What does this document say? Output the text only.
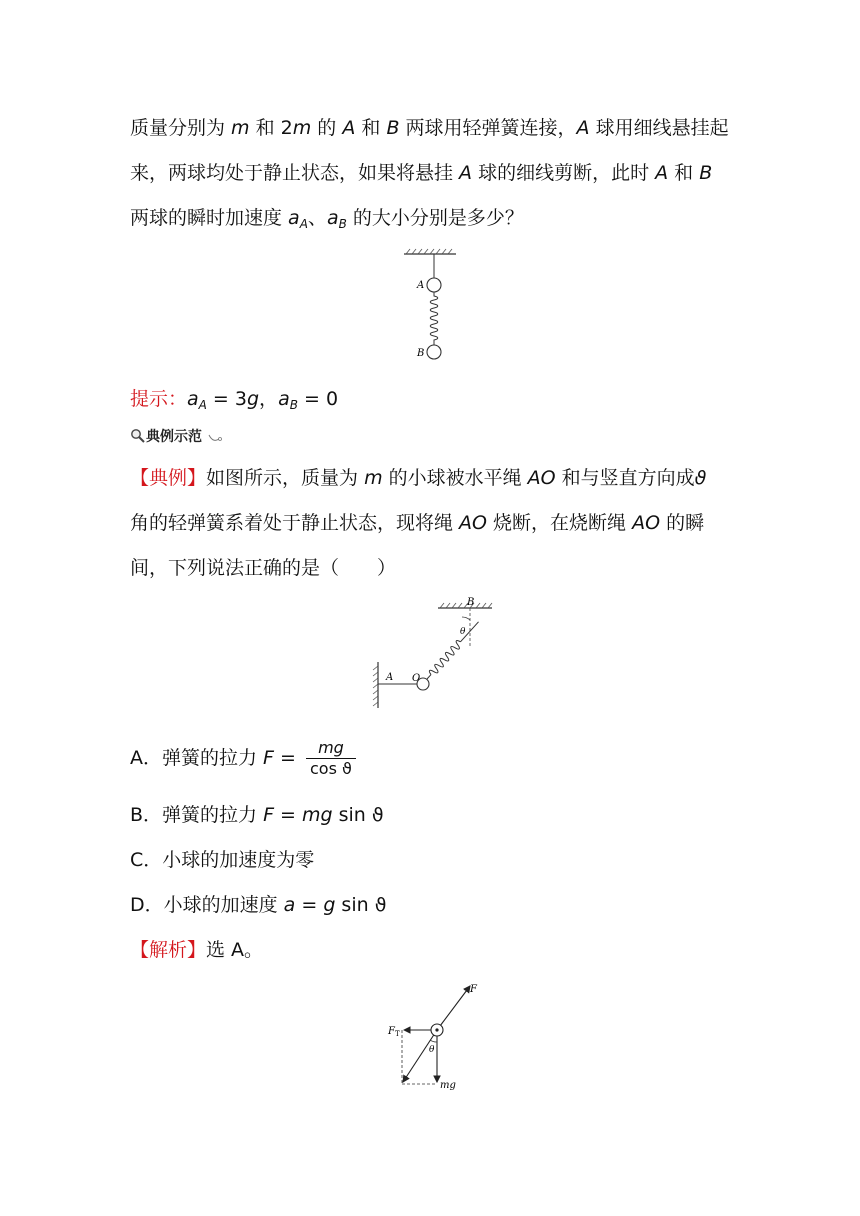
质量分别为 m 和 2m 的 A 和 B 两球用轻弹簧连接，A 球用细线悬挂起
来，两球均处于静止状态，如果将悬挂 A 球的细线剪断，此时 A 和 B
两球的瞬时加速度 $a_A$、$a_B$ 的大小分别是多少？
A
B
提示：$a_A = 3g$，$a_B = 0$
典例示范
【典例】如图所示，质量为 m 的小球被水平绳 AO 和与竖直方向成ϑ
角的轻弹簧系着处于静止状态，现将绳 AO 烧断，在烧断绳 AO 的瞬
间，下列说法正确的是（　　）
A O
B
θ
A．弹簧的拉力 $F = \frac{mg}{\text{cos ϑ}}$
B．弹簧的拉力 F = mg sin ϑ
C．小球的加速度为零
D．小球的加速度 a = g sin ϑ
【解析】选 A。
F
$F_T$
θ
mg
